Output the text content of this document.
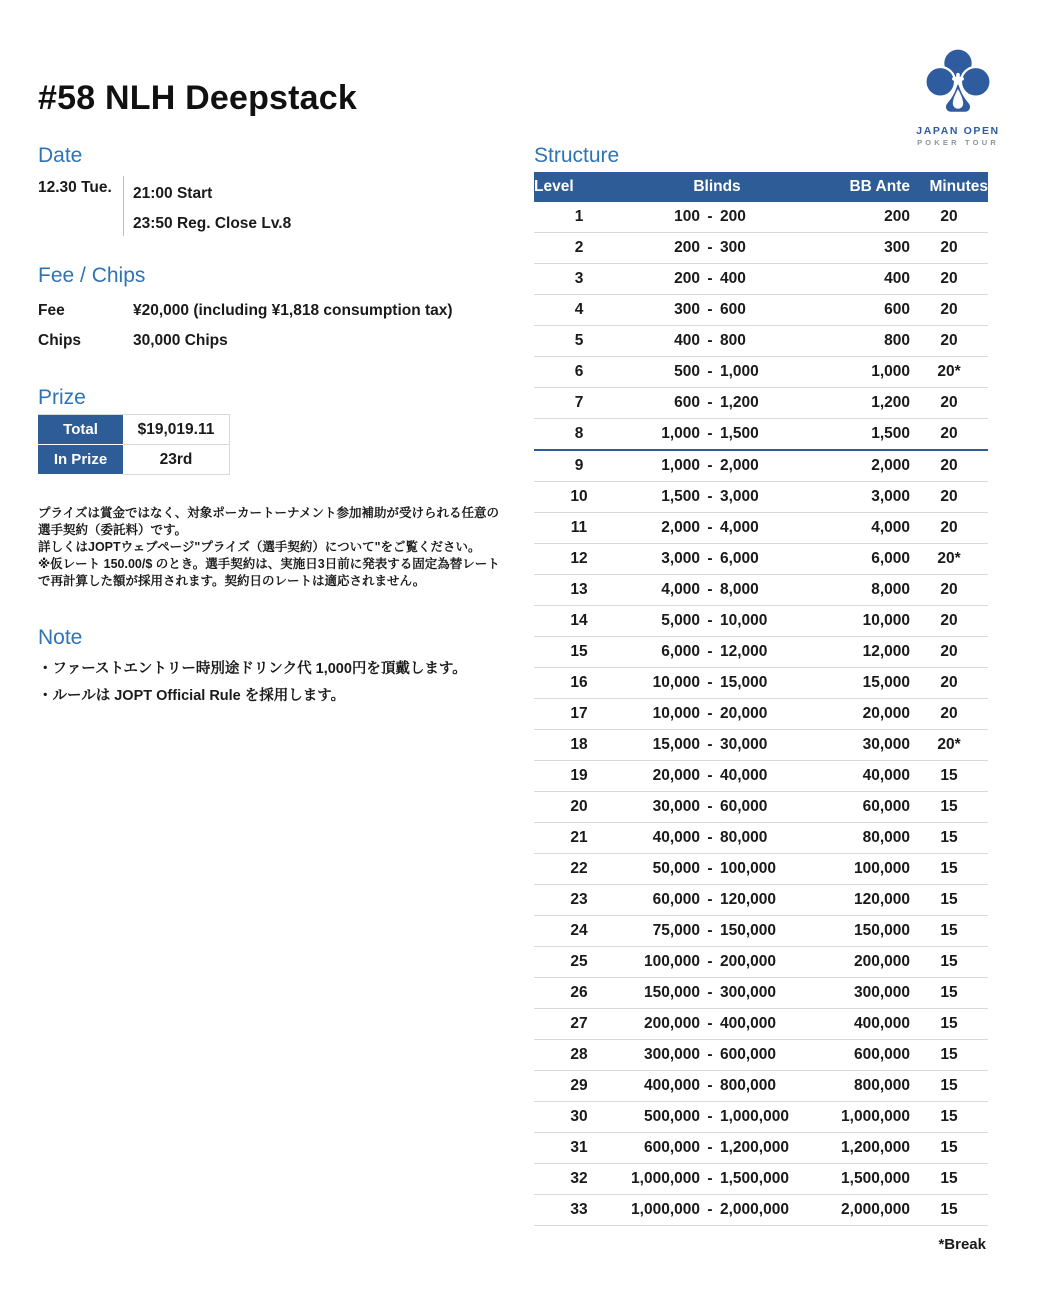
#58 NLH Deepstack
JAPAN OPEN
POKER TOUR
Date
12.30 Tue. 21:00 Start
23:50 Reg. Close Lv.8
Fee / Chips
Fee	¥20,000 (including ¥1,818 consumption tax)
Chips	30,000 Chips
Prize
Total	$19,019.11
In Prize	23rd

プライズは賞金ではなく、対象ポーカートーナメント参加補助が受けられる任意の選手契約（委託料）です。

詳しくはJOPTウェブページ"プライズ（選手契約）について"をご覧ください。

※仮レート 150.00/$ のとき。選手契約は、実施日3日前に発表する固定為替レートで再計算した額が採用されます。契約日のレートは適応されません。

Note
・ファーストエントリー時別途ドリンク代 1,000円を頂戴します。
・ルールは JOPT Official Rule を採用します。
Structure
Level	Blinds	BB Ante	Minutes
1	100 - 200	200	20
2	200 - 300	300	20
3	200 - 400	400	20
4	300 - 600	600	20
5	400 - 800	800	20
6	500 - 1,000	1,000	20*
7	600 - 1,200	1,200	20
8	1,000 - 1,500	1,500	20
9	1,000 - 2,000	2,000	20
10	1,500 - 3,000	3,000	20
11	2,000 - 4,000	4,000	20
12	3,000 - 6,000	6,000	20*
13	4,000 - 8,000	8,000	20
14	5,000 - 10,000	10,000	20
15	6,000 - 12,000	12,000	20
16	10,000 - 15,000	15,000	20
17	10,000 - 20,000	20,000	20
18	15,000 - 30,000	30,000	20*
19	20,000 - 40,000	40,000	15
20	30,000 - 60,000	60,000	15
21	40,000 - 80,000	80,000	15
22	50,000 - 100,000	100,000	15
23	60,000 - 120,000	120,000	15
24	75,000 - 150,000	150,000	15
25	100,000 - 200,000	200,000	15
26	150,000 - 300,000	300,000	15
27	200,000 - 400,000	400,000	15
28	300,000 - 600,000	600,000	15
29	400,000 - 800,000	800,000	15
30	500,000 - 1,000,000	1,000,000	15
31	600,000 - 1,200,000	1,200,000	15
32	1,000,000 - 1,500,000	1,500,000	15
33	1,000,000 - 2,000,000	2,000,000	15
*Break
